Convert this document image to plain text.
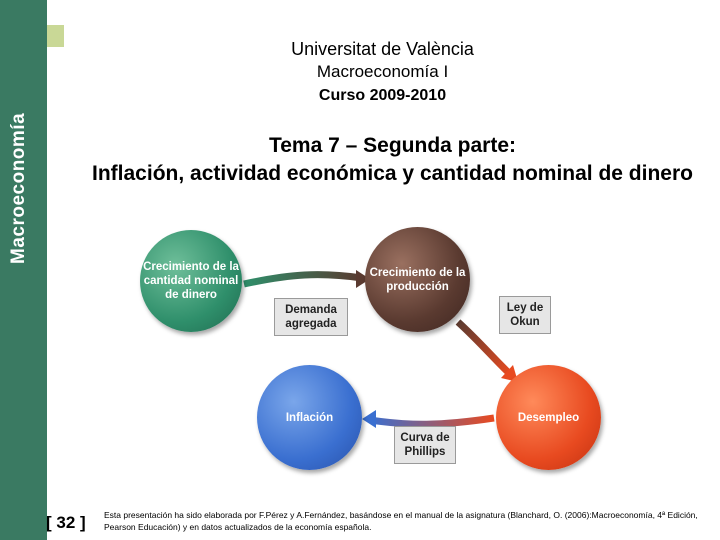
Macroeconomía
Universitat de València
Macroeconomía I
Curso 2009-2010
Tema 7 – Segunda parte:
Inflación, actividad económica y cantidad nominal de dinero
Crecimiento de la cantidad nominal de dinero
Crecimiento de la producción
Inflación	Desempleo
Demanda agregada
Ley de Okun
Curva de Phillips
[ 32 ] Esta presentación ha sido elaborada por F.Pérez y A.Fernández, basándose en el manual de la asignatura (Blanchard, O. (2006):Macroeconomía, 4ª Edición, Pearson Educación) y en datos actualizados de la economía española.
